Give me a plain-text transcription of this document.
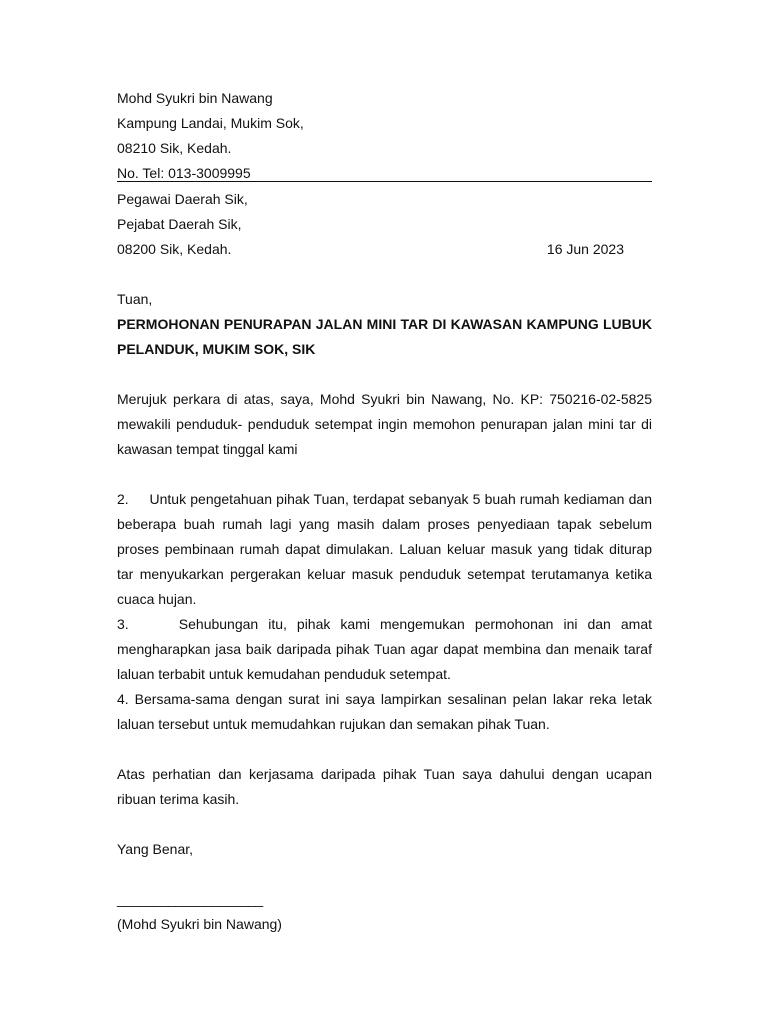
Mohd Syukri bin Nawang
Kampung Landai, Mukim Sok,
08210 Sik, Kedah.
No. Tel: 013-3009995
Pegawai Daerah Sik,
Pejabat Daerah Sik,
08200 Sik, Kedah.	16 Jun 2023
Tuan,
PERMOHONAN PENURAPAN JALAN MINI TAR DI KAWASAN KAMPUNG LUBUK PELANDUK, MUKIM SOK, SIK
Merujuk perkara di atas, saya, Mohd Syukri bin Nawang, No. KP: 750216-02-5825 mewakili penduduk- penduduk setempat ingin memohon penurapan jalan mini tar di kawasan tempat tinggal kami
2.     Untuk pengetahuan pihak Tuan, terdapat sebanyak 5 buah rumah kediaman dan beberapa buah rumah lagi yang masih dalam proses penyediaan tapak sebelum proses pembinaan rumah dapat dimulakan. Laluan keluar masuk yang tidak diturap tar menyukarkan pergerakan keluar masuk penduduk setempat terutamanya ketika cuaca hujan.
3.     Sehubungan itu, pihak kami mengemukan permohonan ini dan amat mengharapkan jasa baik daripada pihak Tuan agar dapat membina dan menaik taraf laluan terbabit untuk kemudahan penduduk setempat.
4. Bersama-sama dengan surat ini saya lampirkan sesalinan pelan lakar reka letak laluan tersebut untuk memudahkan rujukan dan semakan pihak Tuan.
Atas perhatian dan kerjasama daripada pihak Tuan saya dahului dengan ucapan ribuan terima kasih.
Yang Benar,
____________________
(Mohd Syukri bin Nawang)
